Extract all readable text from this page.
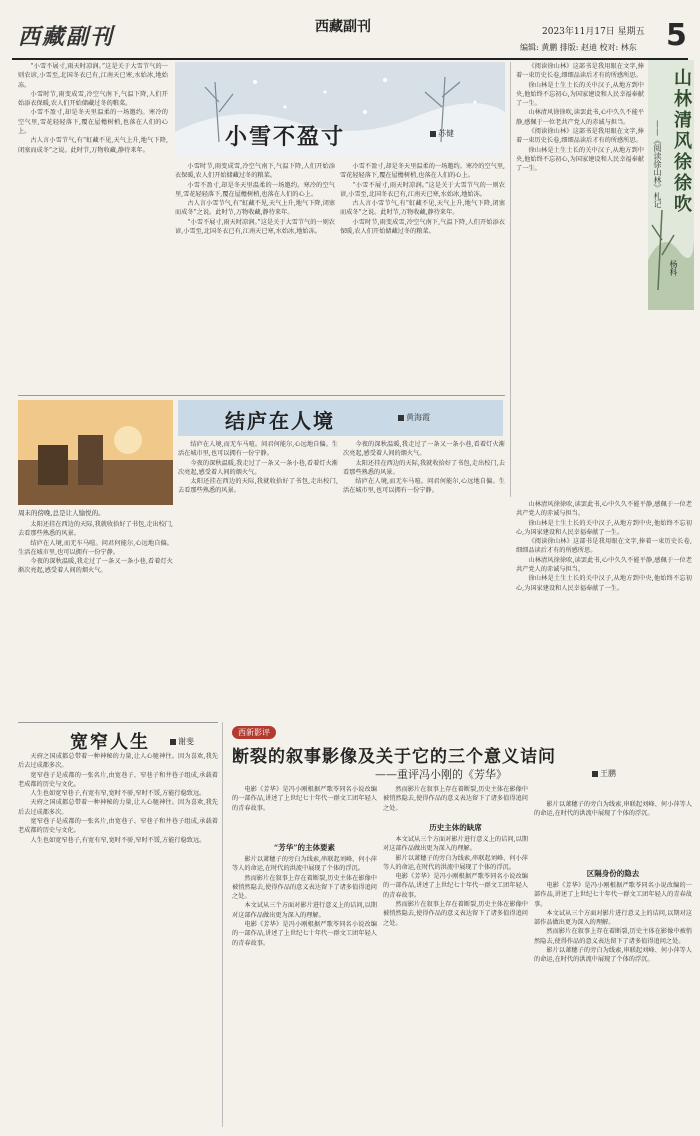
西藏副刊	西藏副刊	2023年11月17日 星期五 5
编辑: 黄鹏 排版: 赵迪 校对: 林东

“小雪不展寸,雨天时凉润。”这是关于大雪节气的一则农谚,小雪至,北国冬衣已有,江南天已寒,水始冰,地始冻。

小雪时节,雨变成雪,冷空气南下,气温下降,人们开始添衣保暖,农人们开始储藏过冬的粮菜。

小雪不盈寸,却是冬天里温柔的一场邀约。寒冷的空气里,雪花轻轻落下,覆在屋檐树梢,也落在人们的心上。

古人言小雪节气,有“虹藏不见,天气上升,地气下降,闭塞而成冬”之说。此时节,万物收藏,静待来年。

小雪不盈寸	苏健

小雪时节,雨变成雪,冷空气南下,气温下降,人们开始添衣保暖,农人们开始储藏过冬的粮菜。

小雪不盈寸,却是冬天里温柔的一场邀约。寒冷的空气里,雪花轻轻落下,覆在屋檐树梢,也落在人们的心上。

古人言小雪节气,有“虹藏不见,天气上升,地气下降,闭塞而成冬”之说。此时节,万物收藏,静待来年。

“小雪不展寸,雨天时凉润。”这是关于大雪节气的一则农谚,小雪至,北国冬衣已有,江南天已寒,水始冰,地始冻。

小雪不盈寸,却是冬天里温柔的一场邀约。寒冷的空气里,雪花轻轻落下,覆在屋檐树梢,也落在人们的心上。

“小雪不展寸,雨天时凉润。”这是关于大雪节气的一则农谚,小雪至,北国冬衣已有,江南天已寒,水始冰,地始冻。

古人言小雪节气,有“虹藏不见,天气上升,地气下降,闭塞而成冬”之说。此时节,万物收藏,静待来年。

小雪时节,雨变成雪,冷空气南下,气温下降,人们开始添衣保暖,农人们开始储藏过冬的粮菜。

《阅读徐山林》这部书是我用眼在文字,捧着一束历史长卷,细细品读后才有的所感所思。

徐山林是土生土长的关中汉子,从地方到中央,他始终不忘初心,为国家建设和人民幸福奉献了一生。

山林清风徐徐吹,读罢此书,心中久久不能平静,感佩于一位老共产党人的赤诚与担当。

《阅读徐山林》这部书是我用眼在文字,捧着一束历史长卷,细细品读后才有的所感所思。

徐山林是土生土长的关中汉子,从地方到中央,他始终不忘初心,为国家建设和人民幸福奉献了一生。	山林清风徐徐吹
——《阅读徐山林》札记
杨科

山林清风徐徐吹,读罢此书,心中久久不能平静,感佩于一位老共产党人的赤诚与担当。

徐山林是土生土长的关中汉子,从地方到中央,他始终不忘初心,为国家建设和人民幸福奉献了一生。

《阅读徐山林》这部书是我用眼在文字,捧着一束历史长卷,细细品读后才有的所感所思。

山林清风徐徐吹,读罢此书,心中久久不能平静,感佩于一位老共产党人的赤诚与担当。

徐山林是土生土长的关中汉子,从地方到中央,他始终不忘初心,为国家建设和人民幸福奉献了一生。

周末的傍晚,总是让人愉悦的。
结庐在人境	黄海霞

太阳还挂在西边的天际,我就收拾好了书包,走出校门,去看那些熟悉的风景。

结庐在人境,而无车马喧。问君何能尔,心远地自偏。生活在城市里,也可以拥有一份宁静。

今夜的深秋温暖,我走过了一条又一条小巷,看着灯火渐次亮起,感受着人间的烟火气。

结庐在人境,而无车马喧。问君何能尔,心远地自偏。生活在城市里,也可以拥有一份宁静。

今夜的深秋温暖,我走过了一条又一条小巷,看着灯火渐次亮起,感受着人间的烟火气。

太阳还挂在西边的天际,我就收拾好了书包,走出校门,去看那些熟悉的风景。

今夜的深秋温暖,我走过了一条又一条小巷,看着灯火渐次亮起,感受着人间的烟火气。

太阳还挂在西边的天际,我就收拾好了书包,走出校门,去看那些熟悉的风景。

结庐在人境,而无车马喧。问君何能尔,心远地自偏。生活在城市里,也可以拥有一份宁静。

宽窄人生	谢斐

天府之国成都总带着一种神秘的力量,让人心驰神往。因为喜欢,我先后去过成都多次。

宽窄巷子是成都的一张名片,由宽巷子、窄巷子和井巷子组成,承载着老成都的历史与文化。

人生也如宽窄巷子,有宽有窄,宽时不骄,窄时不馁,方能行稳致远。

天府之国成都总带着一种神秘的力量,让人心驰神往。因为喜欢,我先后去过成都多次。

宽窄巷子是成都的一张名片,由宽巷子、窄巷子和井巷子组成,承载着老成都的历史与文化。

人生也如宽窄巷子,有宽有窄,宽时不骄,窄时不馁,方能行稳致远。

西新影评
断裂的叙事影像及关于它的三个意义诘问
——重评冯小刚的《芳华》	王鹏

电影《芳华》是冯小刚根据严歌苓同名小说改编的一部作品,讲述了上世纪七十年代一群文工团年轻人的青春故事。

“芳华”的主体要素

影片以萧穗子的旁白为线索,串联起刘峰、何小萍等人的命运,在时代的洪流中展现了个体的浮沉。

然而影片在叙事上存在着断裂,历史主体在影像中被悄然隐去,使得作品的意义表达留下了诸多值得追问之处。

本文试从三个方面对影片进行意义上的诘问,以期对这部作品做出更为深入的理解。

电影《芳华》是冯小刚根据严歌苓同名小说改编的一部作品,讲述了上世纪七十年代一群文工团年轻人的青春故事。

然而影片在叙事上存在着断裂,历史主体在影像中被悄然隐去,使得作品的意义表达留下了诸多值得追问之处。

历史主体的缺席

本文试从三个方面对影片进行意义上的诘问,以期对这部作品做出更为深入的理解。

影片以萧穗子的旁白为线索,串联起刘峰、何小萍等人的命运,在时代的洪流中展现了个体的浮沉。

电影《芳华》是冯小刚根据严歌苓同名小说改编的一部作品,讲述了上世纪七十年代一群文工团年轻人的青春故事。

然而影片在叙事上存在着断裂,历史主体在影像中被悄然隐去,使得作品的意义表达留下了诸多值得追问之处。

影片以萧穗子的旁白为线索,串联起刘峰、何小萍等人的命运,在时代的洪流中展现了个体的浮沉。

区隔身份的隐去

电影《芳华》是冯小刚根据严歌苓同名小说改编的一部作品,讲述了上世纪七十年代一群文工团年轻人的青春故事。

本文试从三个方面对影片进行意义上的诘问,以期对这部作品做出更为深入的理解。

然而影片在叙事上存在着断裂,历史主体在影像中被悄然隐去,使得作品的意义表达留下了诸多值得追问之处。

影片以萧穗子的旁白为线索,串联起刘峰、何小萍等人的命运,在时代的洪流中展现了个体的浮沉。
